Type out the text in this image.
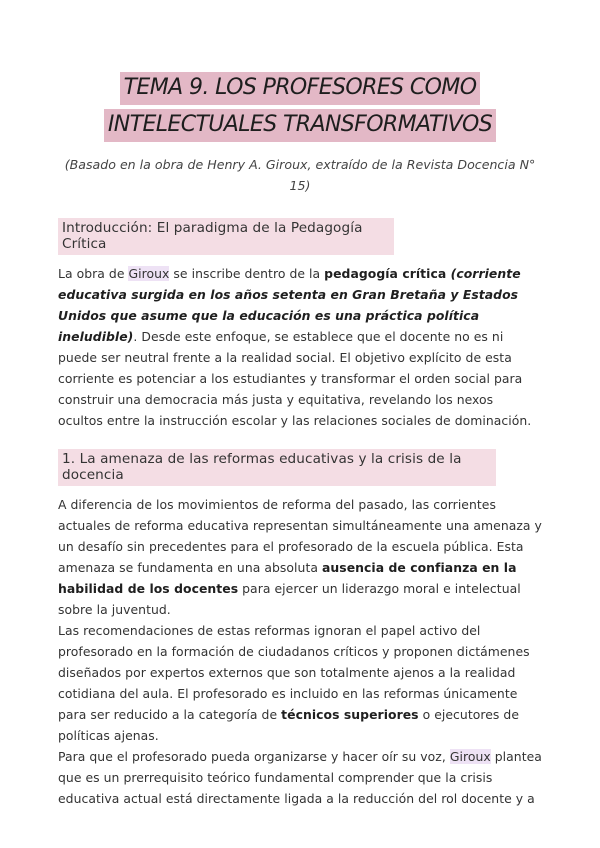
TEMA 9. LOS PROFESORES COMO
INTELECTUALES TRANSFORMATIVOS

(Basado en la obra de Henry A. Giroux, extraído de la Revista Docencia N° 15)

Introducción: El paradigma de la Pedagogía Crítica

La obra de Giroux se inscribe dentro de la pedagogía crítica (corriente educativa surgida en los años setenta en Gran Bretaña y Estados Unidos que asume que la educación es una práctica política ineludible). Desde este enfoque, se establece que el docente no es ni puede ser neutral frente a la realidad social. El objetivo explícito de esta corriente es potenciar a los estudiantes y transformar el orden social para construir una democracia más justa y equitativa, revelando los nexos ocultos entre la instrucción escolar y las relaciones sociales de dominación.

1. La amenaza de las reformas educativas y la crisis de la docencia

A diferencia de los movimientos de reforma del pasado, las corrientes actuales de reforma educativa representan simultáneamente una amenaza y un desafío sin precedentes para el profesorado de la escuela pública. Esta amenaza se fundamenta en una absoluta ausencia de confianza en la habilidad de los docentes para ejercer un liderazgo moral e intelectual sobre la juventud.

Las recomendaciones de estas reformas ignoran el papel activo del profesorado en la formación de ciudadanos críticos y proponen dictámenes diseñados por expertos externos que son totalmente ajenos a la realidad cotidiana del aula. El profesorado es incluido en las reformas únicamente para ser reducido a la categoría de técnicos superiores o ejecutores de políticas ajenas.

Para que el profesorado pueda organizarse y hacer oír su voz, Giroux plantea que es un prerrequisito teórico fundamental comprender que la crisis educativa actual está directamente ligada a la reducción del rol docente y a
